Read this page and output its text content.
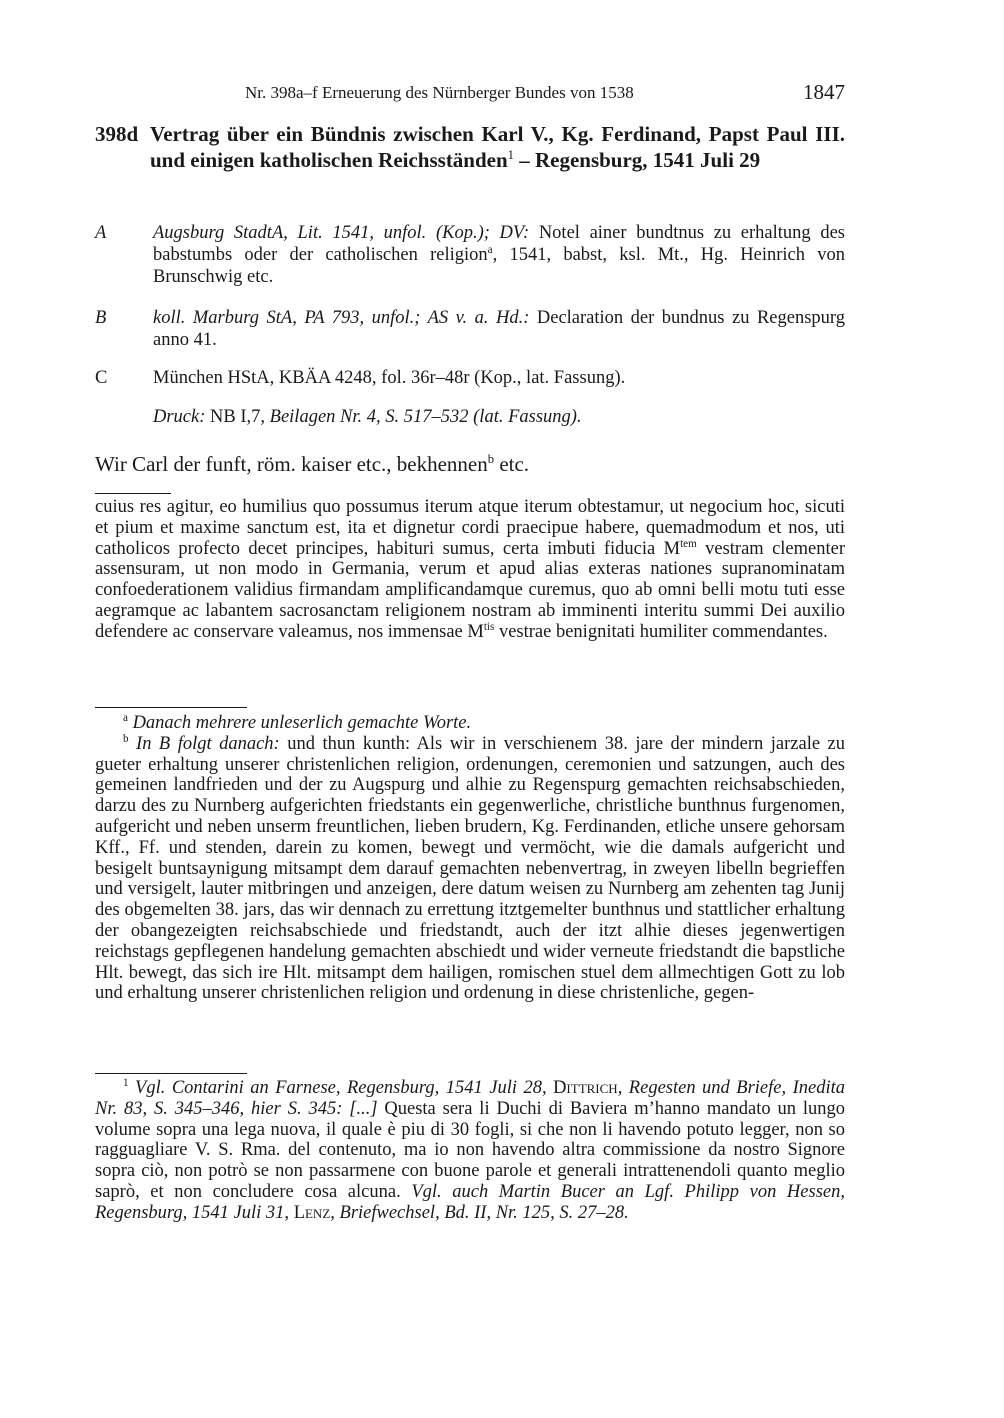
Nr. 398a–f Erneuerung des Nürnberger Bundes von 1538	1847
398d Vertrag über ein Bündnis zwischen Karl V., Kg. Ferdinand, Papst Paul III. und einigen katholischen Reichsständen$^1$ – Regensburg, 1541 Juli 29
A	Augsburg StadtA, Lit. 1541, unfol. (Kop.); DV: Notel ainer bundtnus zu erhaltung des babstumbs oder der catholischen religion$^a$, 1541, babst, ksl. Mt., Hg. Heinrich von Brunschwig etc.
B	koll. Marburg StA, PA 793, unfol.; AS v. a. Hd.: Declaration der bundnus zu Regenspurg anno 41.
C München HStA, KBÄA 4248, fol. 36r–48r (Kop., lat. Fassung).
Druck: NB I,7, Beilagen Nr. 4, S. 517–532 (lat. Fassung).
Wir Carl der funft, röm. kaiser etc., bekhennen$^b$ etc.
cuius res agitur, eo humilius quo possumus iterum atque iterum obtestamur, ut negocium hoc, sicuti et pium et maxime sanctum est, ita et dignetur cordi praecipue habere, quemadmodum et nos, uti catholicos profecto decet principes, habituri sumus, certa imbuti fiducia $M^{tem}$ vestram clementer assensuram, ut non modo in Germania, verum et apud alias exteras nationes supranominatam confoederationem validius firmandam amplificandamque curemus, quo ab omni belli motu tuti esse aegramque ac labantem sacrosanctam religionem nostram ab imminenti interitu summi Dei auxilio defendere ac conservare valeamus, nos immensae $M^{tis}$ vestrae benignitati humiliter commendantes.

$^a$ Danach mehrere unleserlich gemachte Worte.

$^b$ In B folgt danach: und thun kunth: Als wir in verschienem 38. jare der mindern jarzale zu gueter erhaltung unserer christenlichen religion, ordenungen, ceremonien und satzungen, auch des gemeinen landfrieden und der zu Augspurg und alhie zu Regenspurg gemachten reichsabschieden, darzu des zu Nurnberg aufgerichten friedstants ein gegenwerliche, christliche bunthnus furgenomen, aufgericht und neben unserm freuntlichen, lieben brudern, Kg. Ferdinanden, etliche unsere gehorsam Kff., Ff. und stenden, darein zu komen, bewegt und vermöcht, wie die damals aufgericht und besigelt buntsaynigung mitsampt dem darauf gemachten nebenvertrag, in zweyen libelln begrieffen und versigelt, lauter mitbringen und anzeigen, dere datum weisen zu Nurnberg am zehenten tag Junij des obgemelten 38. jars, das wir dennach zu errettung itztgemelter bunthnus und stattlicher erhaltung der obangezeigten reichsabschiede und friedstandt, auch der itzt alhie dieses jegenwertigen reichstags gepflegenen handelung gemachten abschiedt und wider verneute friedstandt die bapstliche Hlt. bewegt, das sich ire Hlt. mitsampt dem hailigen, romischen stuel dem allmechtigen Gott zu lob und erhaltung unserer christenlichen religion und ordenung in diese christenliche, gegen-

$^1$ Vgl. Contarini an Farnese, Regensburg, 1541 Juli 28, Dittrich, Regesten und Briefe, Inedita Nr. 83, S. 345–346, hier S. 345: [...] Questa sera li Duchi di Baviera m’hanno mandato un lungo volume sopra una lega nuova, il quale è piu di 30 fogli, si che non li havendo potuto legger, non so ragguagliare V. S. Rma. del contenuto, ma io non havendo altra commissione da nostro Signore sopra ciò, non potrò se non passarmene con buone parole et generali intrattenendoli quanto meglio saprò, et non concludere cosa alcuna. Vgl. auch Martin Bucer an Lgf. Philipp von Hessen, Regensburg, 1541 Juli 31, Lenz, Briefwechsel, Bd. II, Nr. 125, S. 27–28.
